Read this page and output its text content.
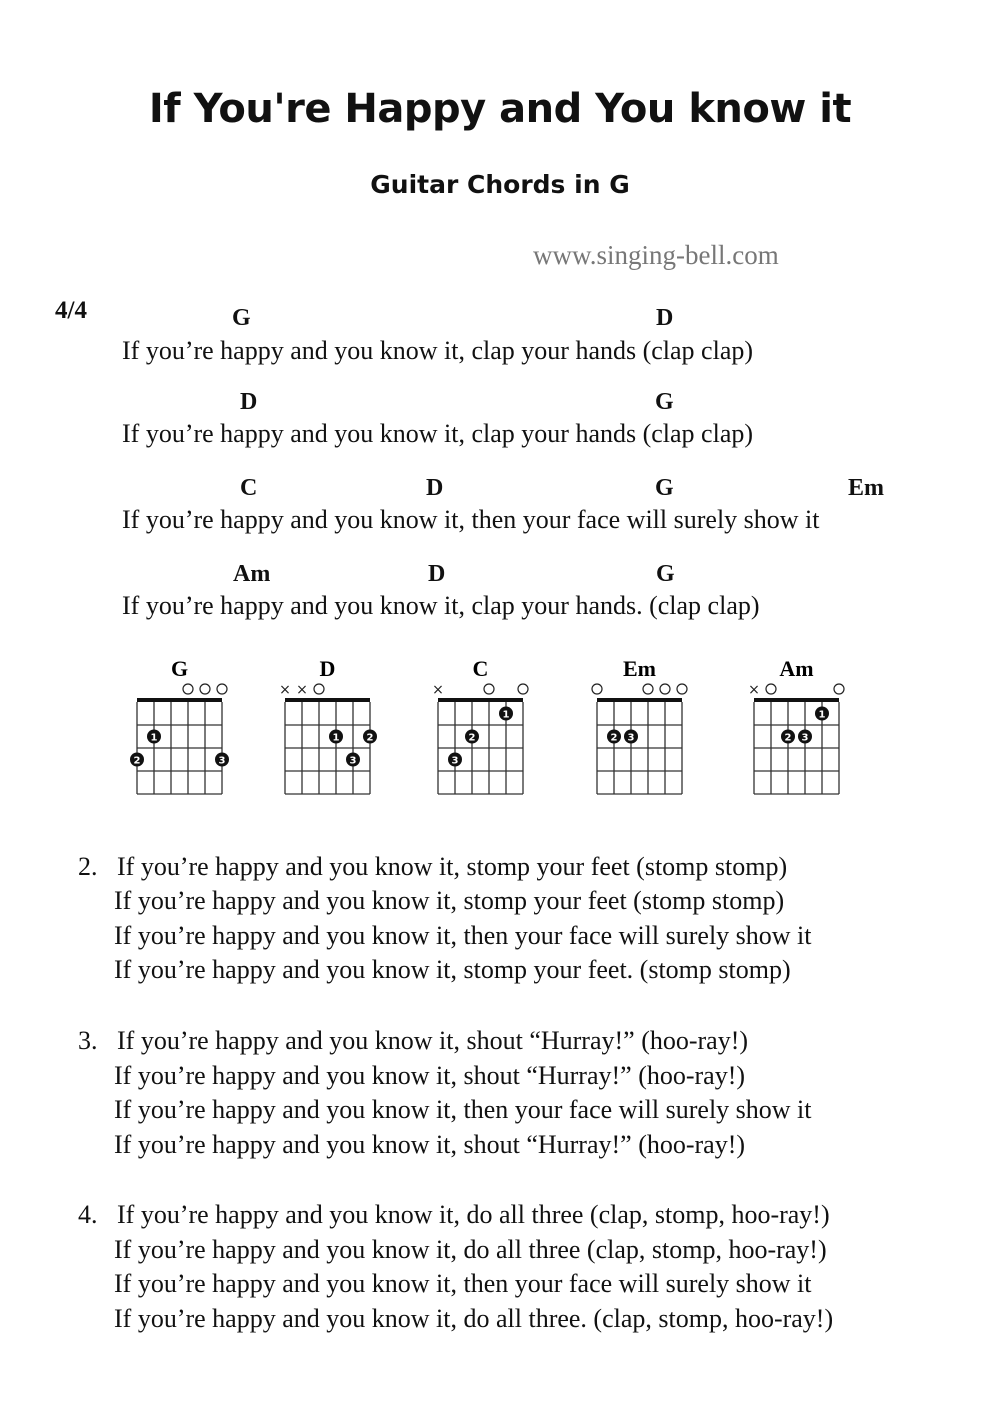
If You're Happy and You know it
Guitar Chords in G
www.singing-bell.com
4/4	G	D
If you’re happy and you know it, clap your hands (clap clap)
D	G
If you’re happy and you know it, clap your hands (clap clap)
C	D	G	Em
If you’re happy and you know it, then your face will surely show it
Am	D	G
If you’re happy and you know it, clap your hands. (clap clap)
G
1
2	3
D
× ×
1	2
3
C
×
1
2
3
Em
2 3
Am
×
1
2 3
2. If you’re happy and you know it, stomp your feet (stomp stomp)
If you’re happy and you know it, stomp your feet (stomp stomp)
If you’re happy and you know it, then your face will surely show it
If you’re happy and you know it, stomp your feet. (stomp stomp)
3. If you’re happy and you know it, shout “Hurray!” (hoo-ray!)
If you’re happy and you know it, shout “Hurray!” (hoo-ray!)
If you’re happy and you know it, then your face will surely show it
If you’re happy and you know it, shout “Hurray!” (hoo-ray!)
4. If you’re happy and you know it, do all three (clap, stomp, hoo-ray!)
If you’re happy and you know it, do all three (clap, stomp, hoo-ray!)
If you’re happy and you know it, then your face will surely show it
If you’re happy and you know it, do all three. (clap, stomp, hoo-ray!)
